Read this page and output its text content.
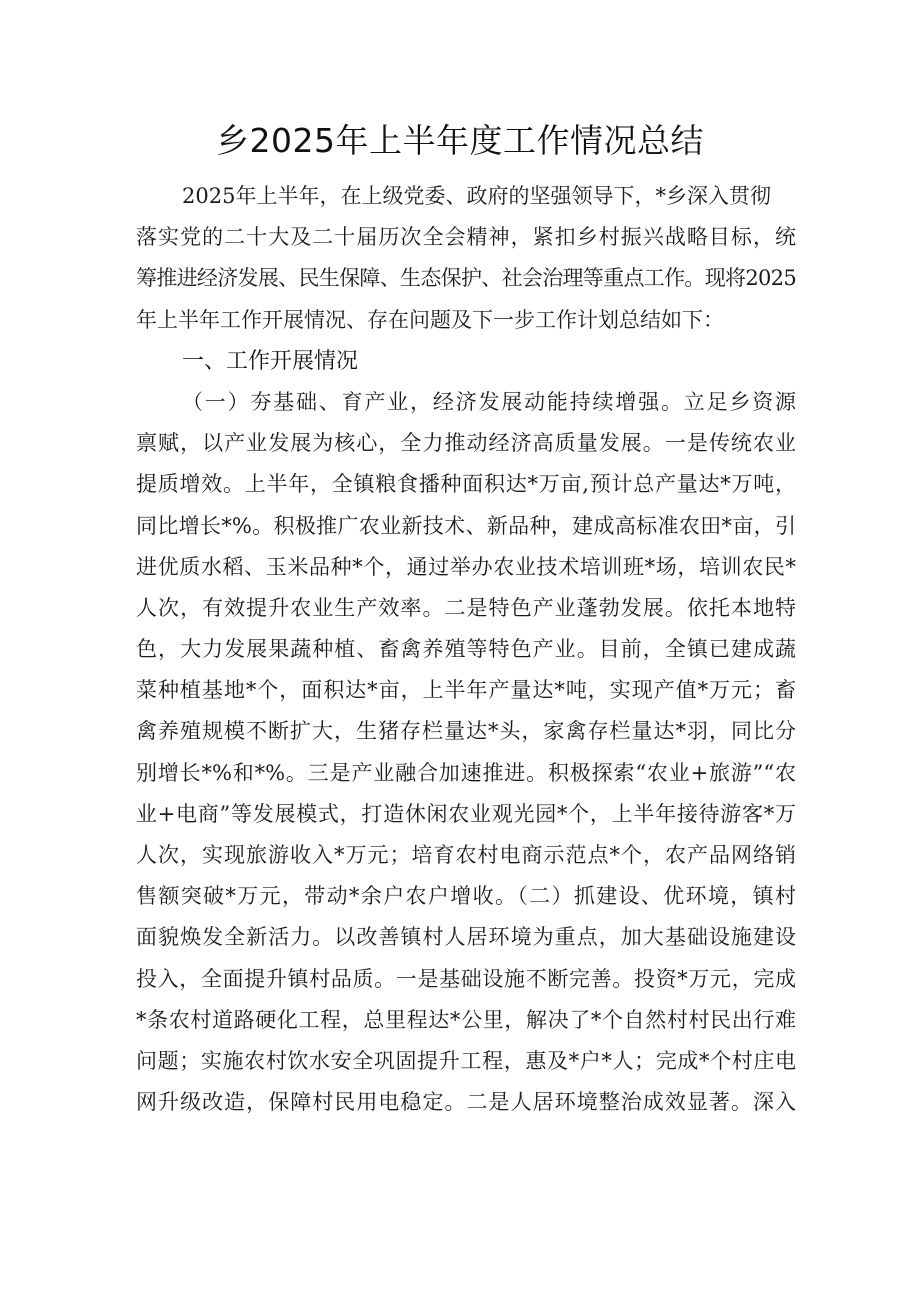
乡2025年上半年度工作情况总结
2025年上半年，在上级党委、政府的坚强领导下，*乡深入贯彻
落实党的二十大及二十届历次全会精神，紧扣乡村振兴战略目标，统
筹推进经济发展、民生保障、生态保护、社会治理等重点工作。现将2025
年上半年工作开展情况、存在问题及下一步工作计划总结如下：
一、工作开展情况
（一）夯基础、育产业，经济发展动能持续增强。立足乡资源
禀赋，以产业发展为核心，全力推动经济高质量发展。一是传统农业
提质增效。上半年，全镇粮食播种面积达*万亩,预计总产量达*万吨，
同比增长*%。积极推广农业新技术、新品种，建成高标准农田*亩，引
进优质水稻、玉米品种*个，通过举办农业技术培训班*场，培训农民*
人次，有效提升农业生产效率。二是特色产业蓬勃发展。依托本地特
色，大力发展果蔬种植、畜禽养殖等特色产业。目前，全镇已建成蔬
菜种植基地*个，面积达*亩，上半年产量达*吨，实现产值*万元；畜
禽养殖规模不断扩大，生猪存栏量达*头，家禽存栏量达*羽，同比分
别增长*%和*%。三是产业融合加速推进。积极探索“农业+旅游”“农
业+电商”等发展模式，打造休闲农业观光园*个，上半年接待游客*万
人次，实现旅游收入*万元；培育农村电商示范点*个，农产品网络销
售额突破*万元，带动*余户农户增收。（二）抓建设、优环境，镇村
面貌焕发全新活力。以改善镇村人居环境为重点，加大基础设施建设
投入，全面提升镇村品质。一是基础设施不断完善。投资*万元，完成
*条农村道路硬化工程，总里程达*公里，解决了*个自然村村民出行难
问题；实施农村饮水安全巩固提升工程，惠及*户*人；完成*个村庄电
网升级改造，保障村民用电稳定。二是人居环境整治成效显著。深入
